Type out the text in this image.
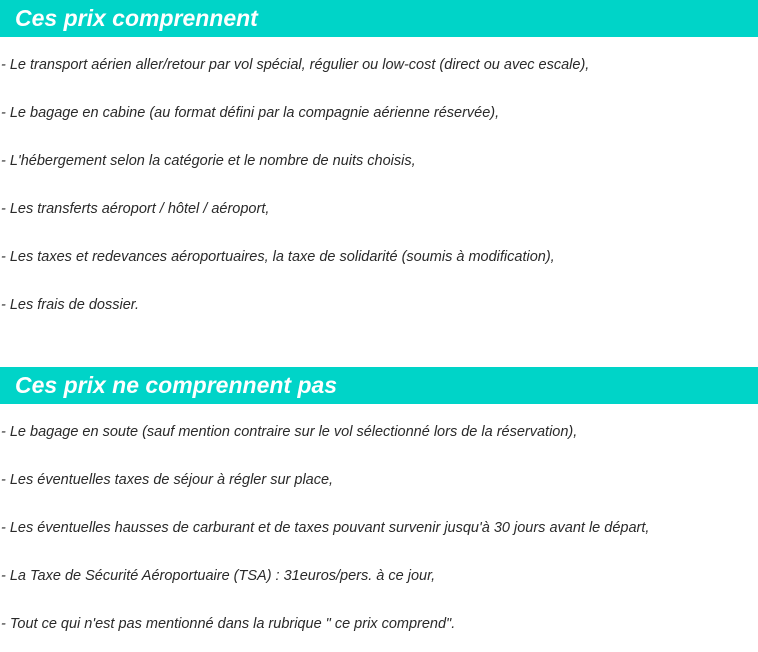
Ces prix comprennent
- Le transport aérien aller/retour par vol spécial, régulier ou low-cost (direct ou avec escale),
- Le bagage en cabine (au format défini par la compagnie aérienne réservée),
- L'hébergement selon la catégorie et le nombre de nuits choisis,
- Les transferts aéroport / hôtel / aéroport,
- Les taxes et redevances aéroportuaires, la taxe de solidarité (soumis à modification),
- Les frais de dossier.
Ces prix ne comprennent pas
- Le bagage en soute (sauf mention contraire sur le vol sélectionné lors de la réservation),
- Les éventuelles taxes de séjour à régler sur place,
- Les éventuelles hausses de carburant et de taxes pouvant survenir jusqu'à 30 jours avant le départ,
- La Taxe de Sécurité Aéroportuaire (TSA) : 31euros/pers. à ce jour,
- Tout ce qui n'est pas mentionné dans la rubrique " ce prix comprend".
